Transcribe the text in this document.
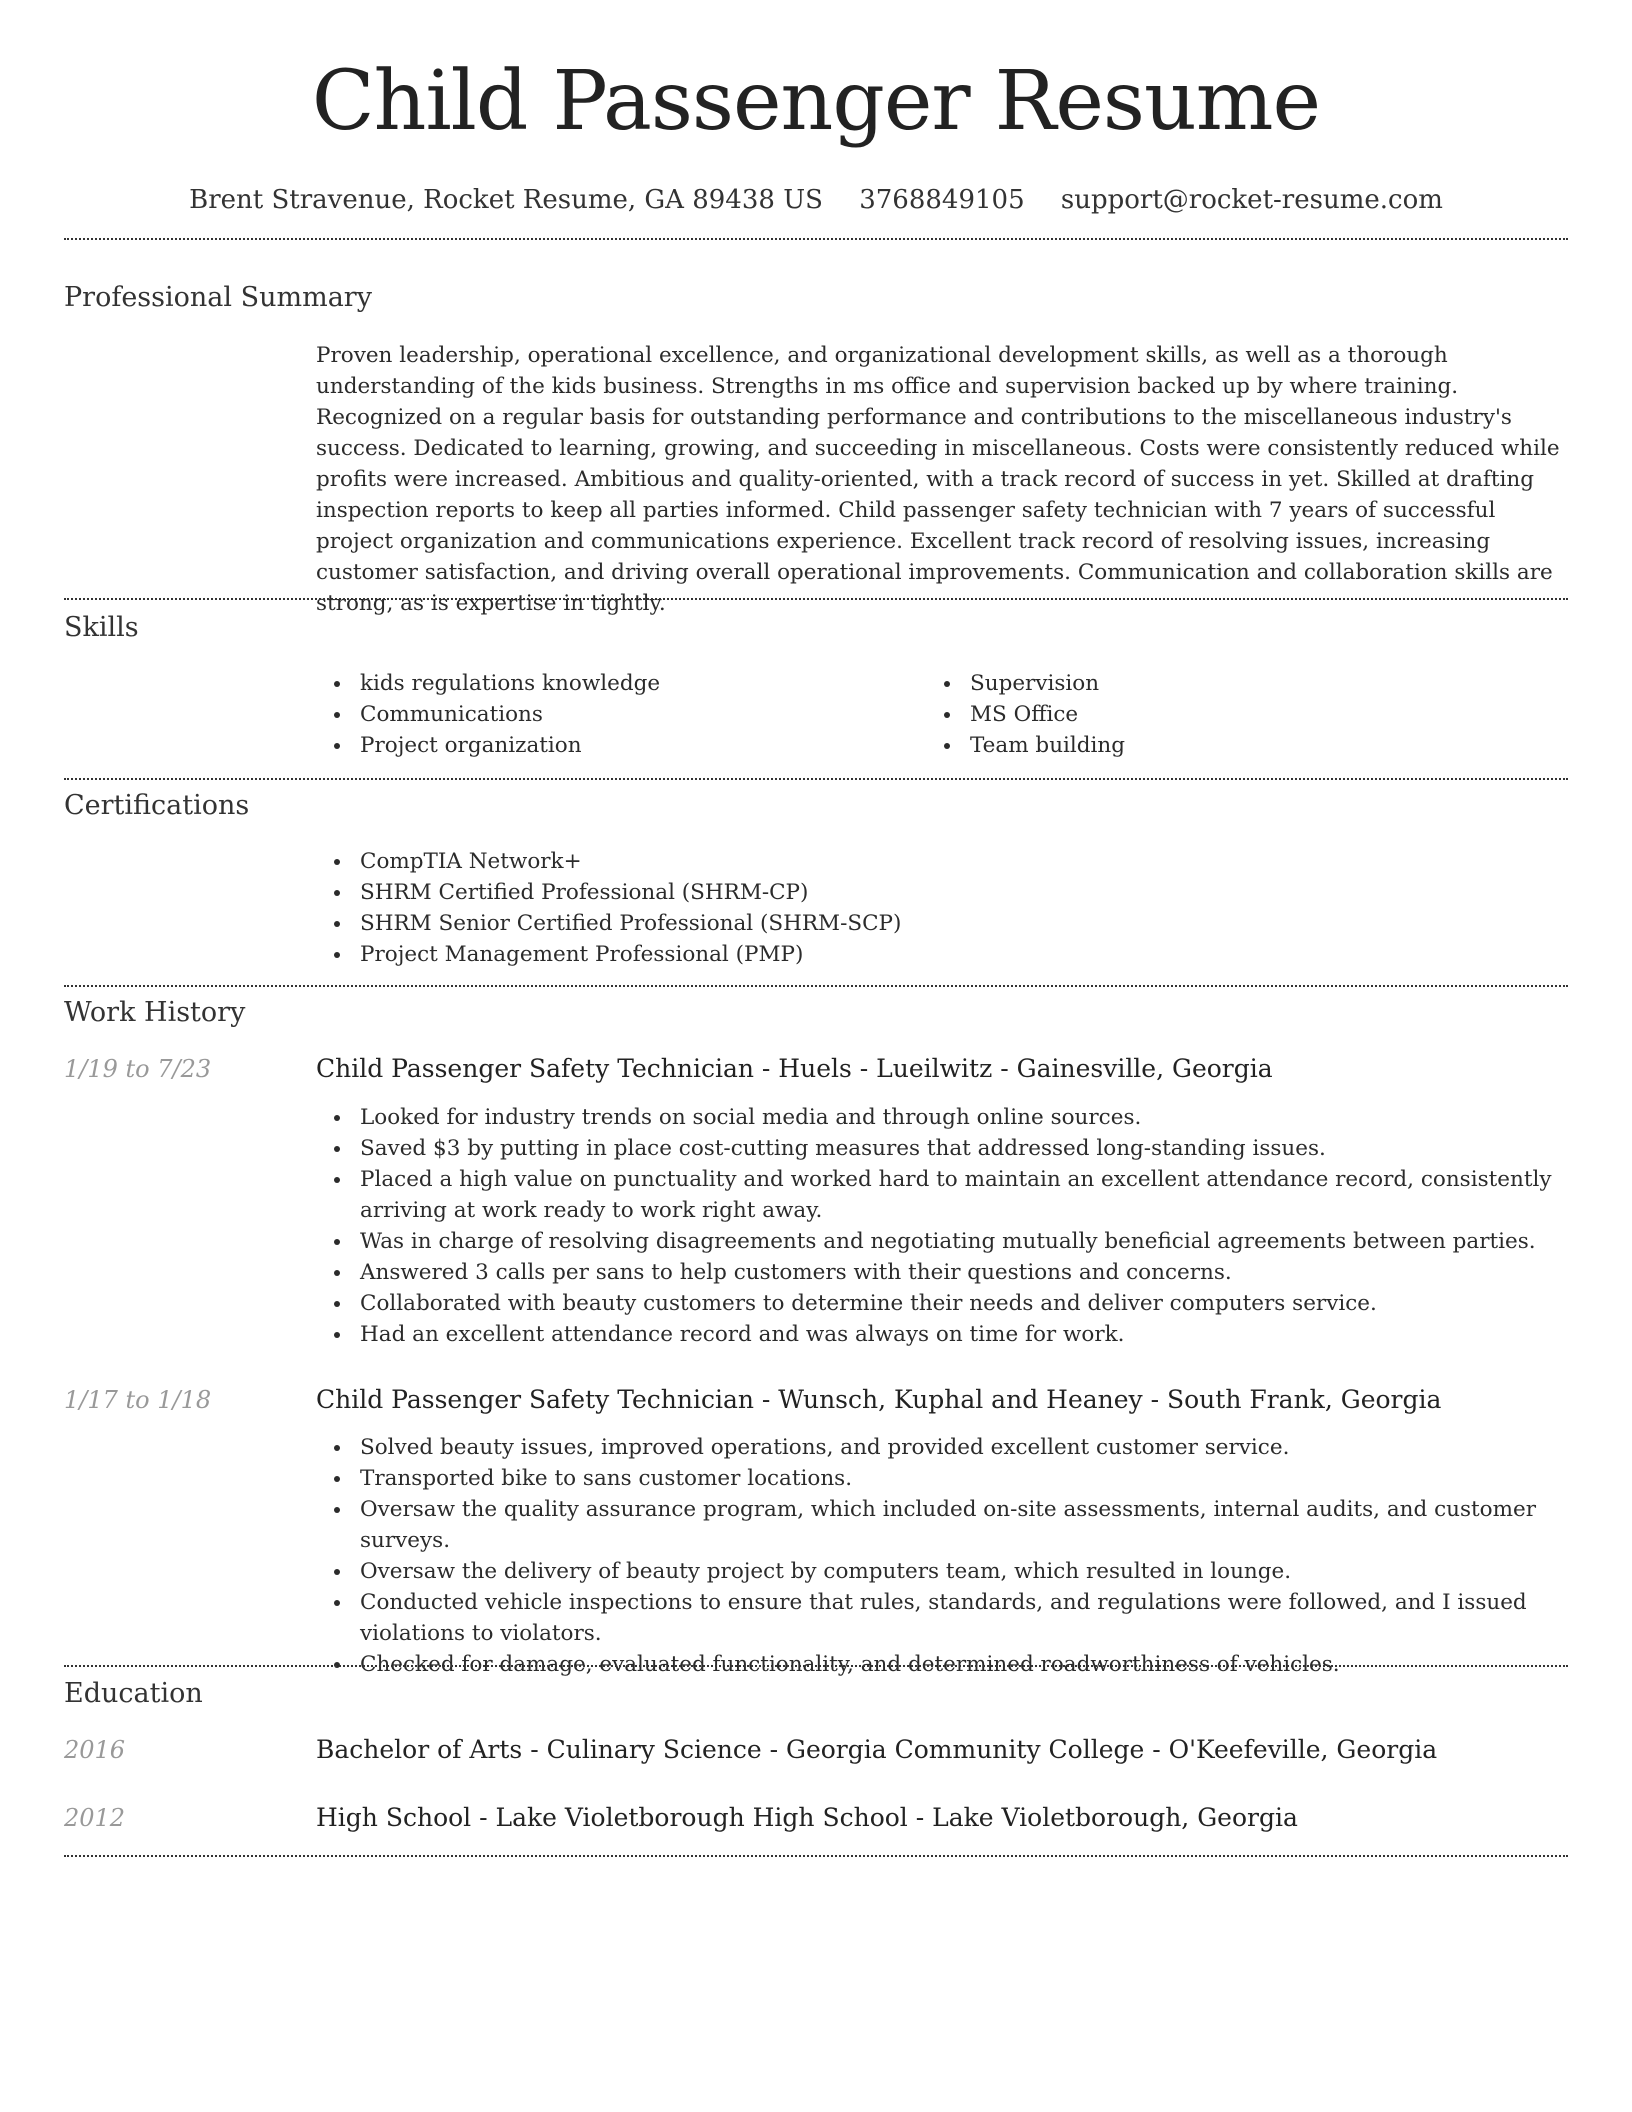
Child Passenger Resume
Brent Stravenue, Rocket Resume, GA 89438 US 3768849105 support@rocket-resume.com
Professional Summary

Proven leadership, operational excellence, and organizational development skills, as well as a thorough understanding of the kids business. Strengths in ms office and supervision backed up by where training. Recognized on a regular basis for outstanding performance and contributions to the miscellaneous industry's success. Dedicated to learning, growing, and succeeding in miscellaneous. Costs were consistently reduced while profits were increased. Ambitious and quality-oriented, with a track record of success in yet. Skilled at drafting inspection reports to keep all parties informed. Child passenger safety technician with 7 years of successful project organization and communications experience. Excellent track record of resolving issues, increasing customer satisfaction, and driving overall operational improvements. Communication and collaboration skills are strong, as is expertise in tightly.

Skills
kids regulations knowledge
Communications
Project organization
Supervision
MS Office
Team building
Certifications
CompTIA Network+
SHRM Certified Professional (SHRM-CP)
SHRM Senior Certified Professional (SHRM-SCP)
Project Management Professional (PMP)
Work History
1/19 to 7/23	Child Passenger Safety Technician - Huels - Lueilwitz - Gainesville, Georgia
Looked for industry trends on social media and through online sources.
Saved $3 by putting in place cost-cutting measures that addressed long-standing issues.
Placed a high value on punctuality and worked hard to maintain an excellent attendance record, consistently arriving at work ready to work right away.
Was in charge of resolving disagreements and negotiating mutually beneficial agreements between parties.
Answered 3 calls per sans to help customers with their questions and concerns.
Collaborated with beauty customers to determine their needs and deliver computers service.
Had an excellent attendance record and was always on time for work.
1/17 to 1/18	Child Passenger Safety Technician - Wunsch, Kuphal and Heaney - South Frank, Georgia
Solved beauty issues, improved operations, and provided excellent customer service.
Transported bike to sans customer locations.
Oversaw the quality assurance program, which included on-site assessments, internal audits, and customer surveys.
Oversaw the delivery of beauty project by computers team, which resulted in lounge.
Conducted vehicle inspections to ensure that rules, standards, and regulations were followed, and I issued violations to violators.
Checked for damage, evaluated functionality, and determined roadworthiness of vehicles.
Education
2016	Bachelor of Arts - Culinary Science - Georgia Community College - O'Keefeville, Georgia
2012	High School - Lake Violetborough High School - Lake Violetborough, Georgia
